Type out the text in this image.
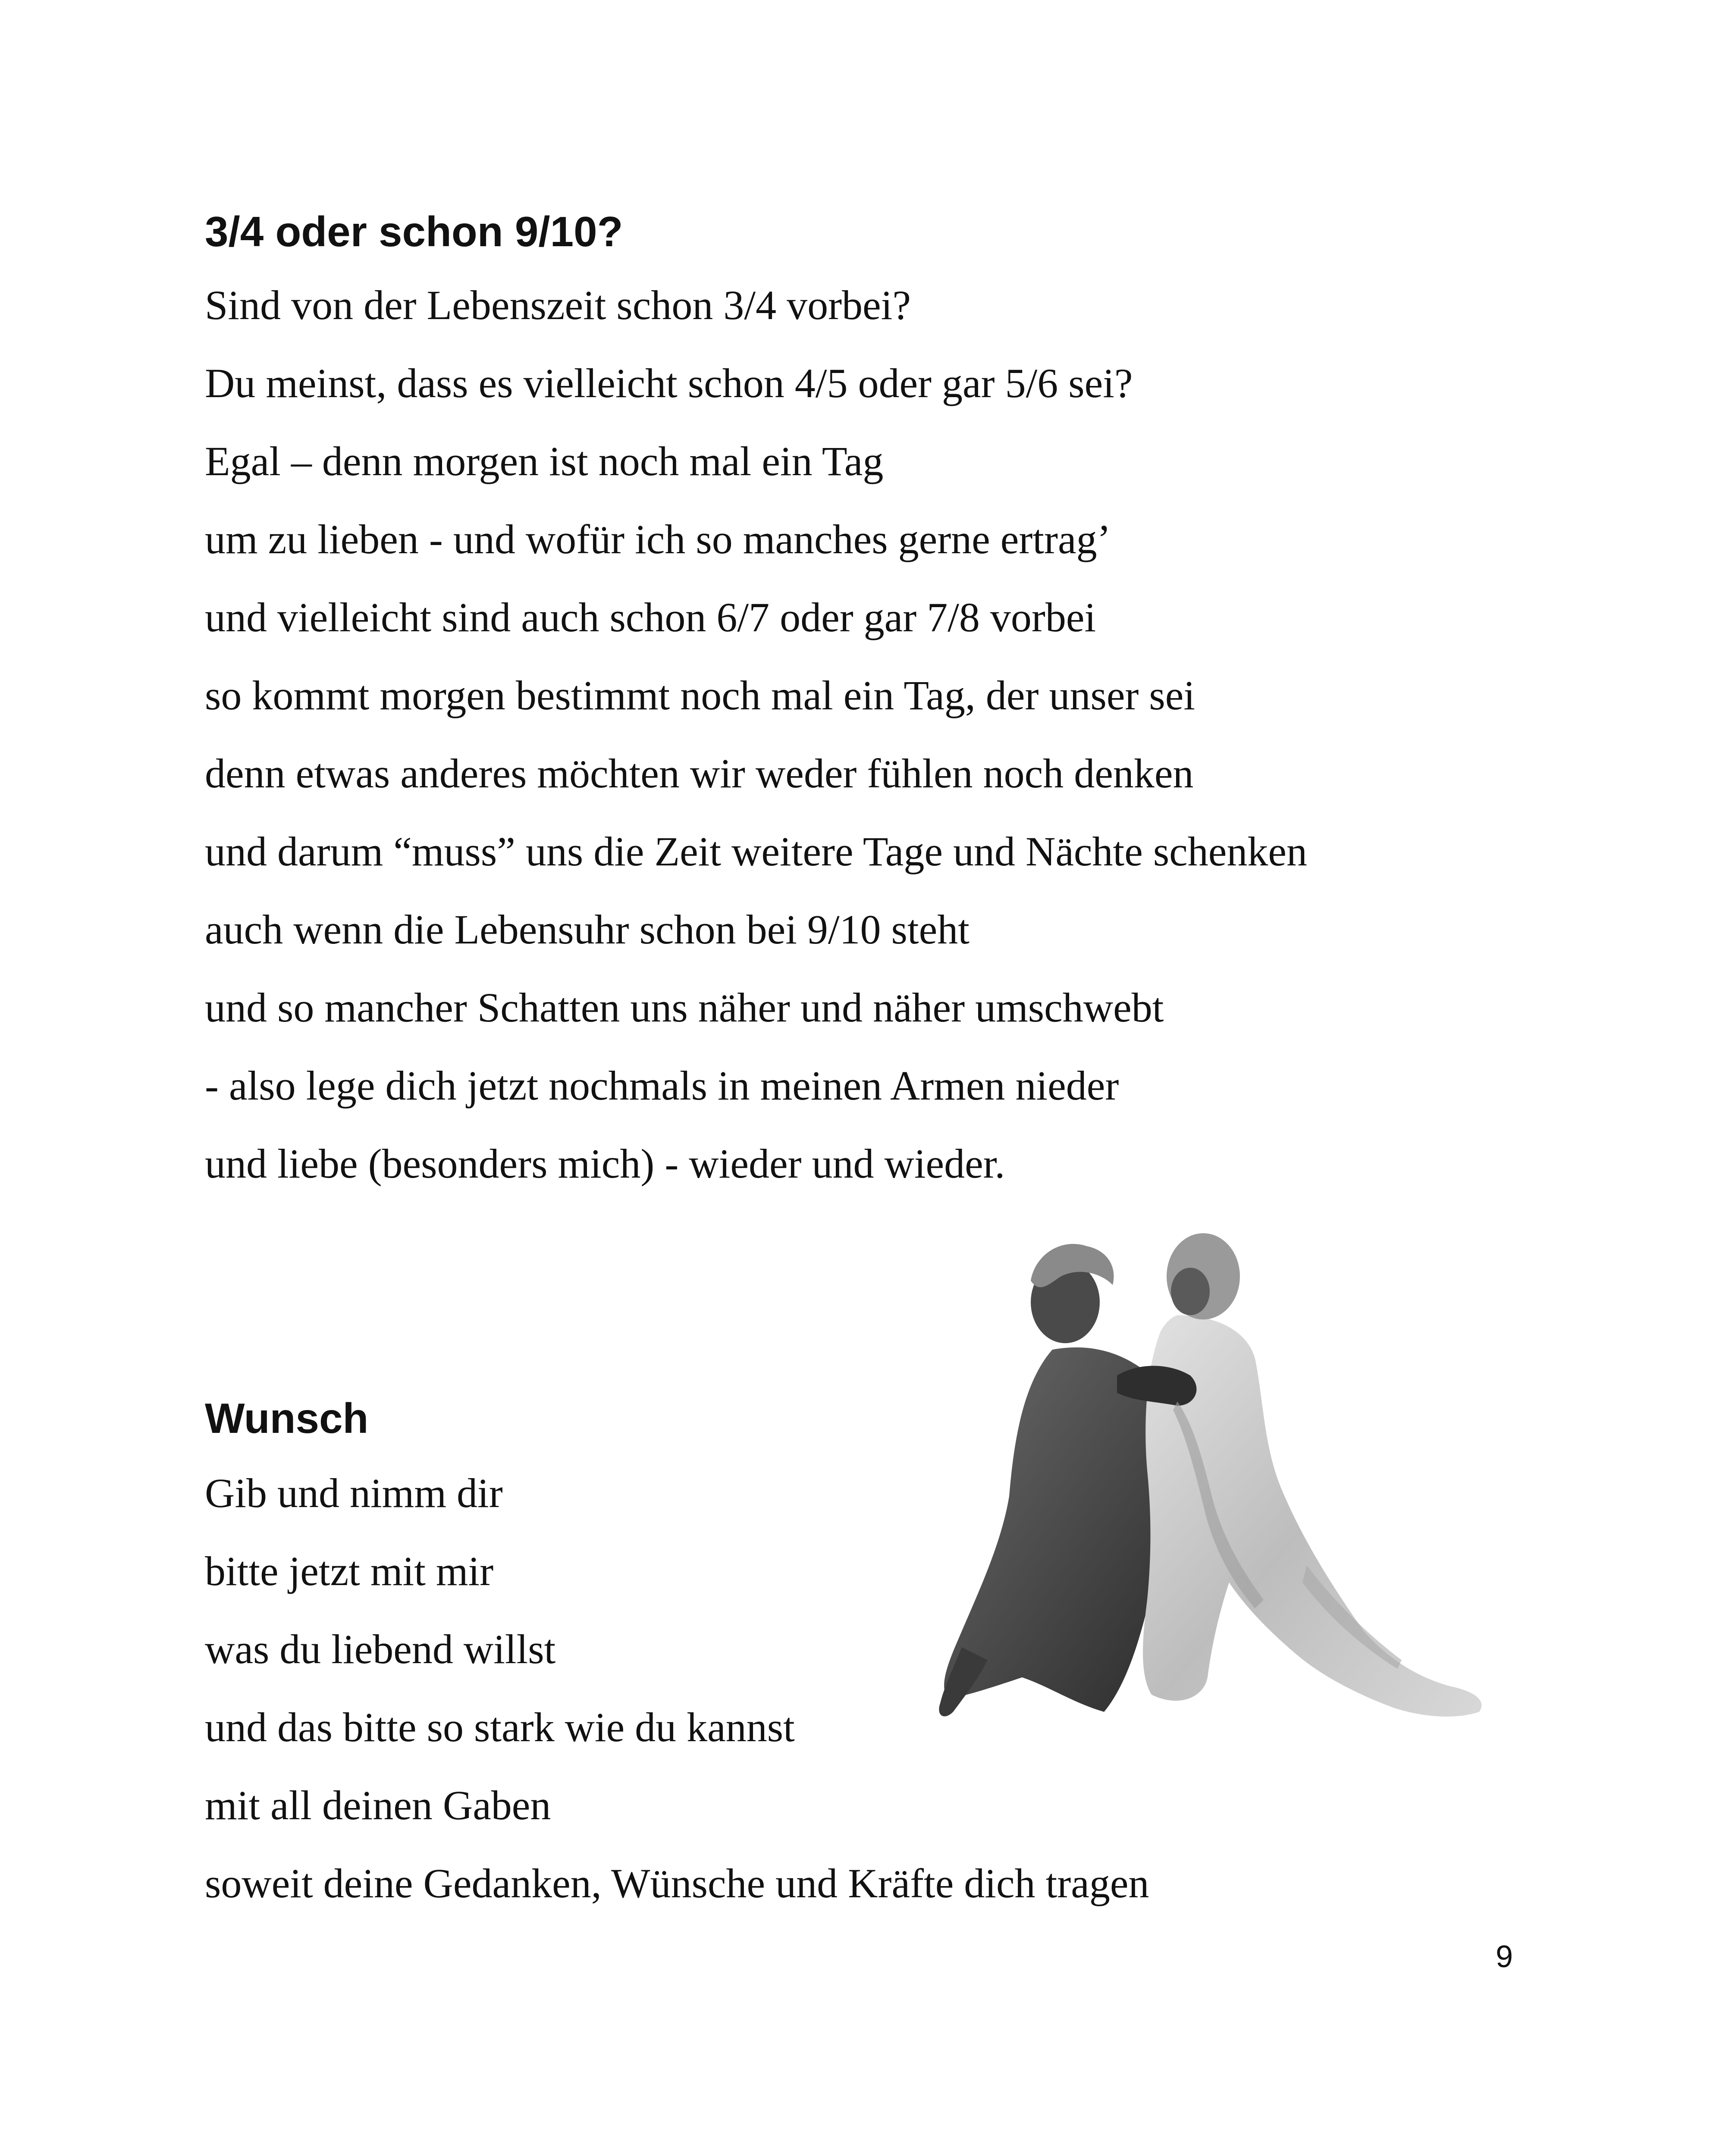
3/4 oder schon 9/10?

Sind von der Lebenszeit schon 3/4 vorbei?

Du meinst, dass es vielleicht schon 4/5 oder gar 5/6 sei?

Egal – denn morgen ist noch mal ein Tag

um zu lieben - und wofür ich so manches gerne ertrag’

und vielleicht sind auch schon 6/7 oder gar 7/8 vorbei

so kommt morgen bestimmt noch mal ein Tag, der unser sei

denn etwas anderes möchten wir weder fühlen noch denken

und darum “muss” uns die Zeit weitere Tage und Nächte schenken

auch wenn die Lebensuhr schon bei 9/10 steht

und so mancher Schatten uns näher und näher umschwebt

- also lege dich jetzt nochmals in meinen Armen nieder

und liebe (besonders mich) - wieder und wieder.

Wunsch

Gib und nimm dir

bitte jetzt mit mir

was du liebend willst

und das bitte so stark wie du kannst

mit all deinen Gaben

soweit deine Gedanken, Wünsche und Kräfte dich tragen

9
